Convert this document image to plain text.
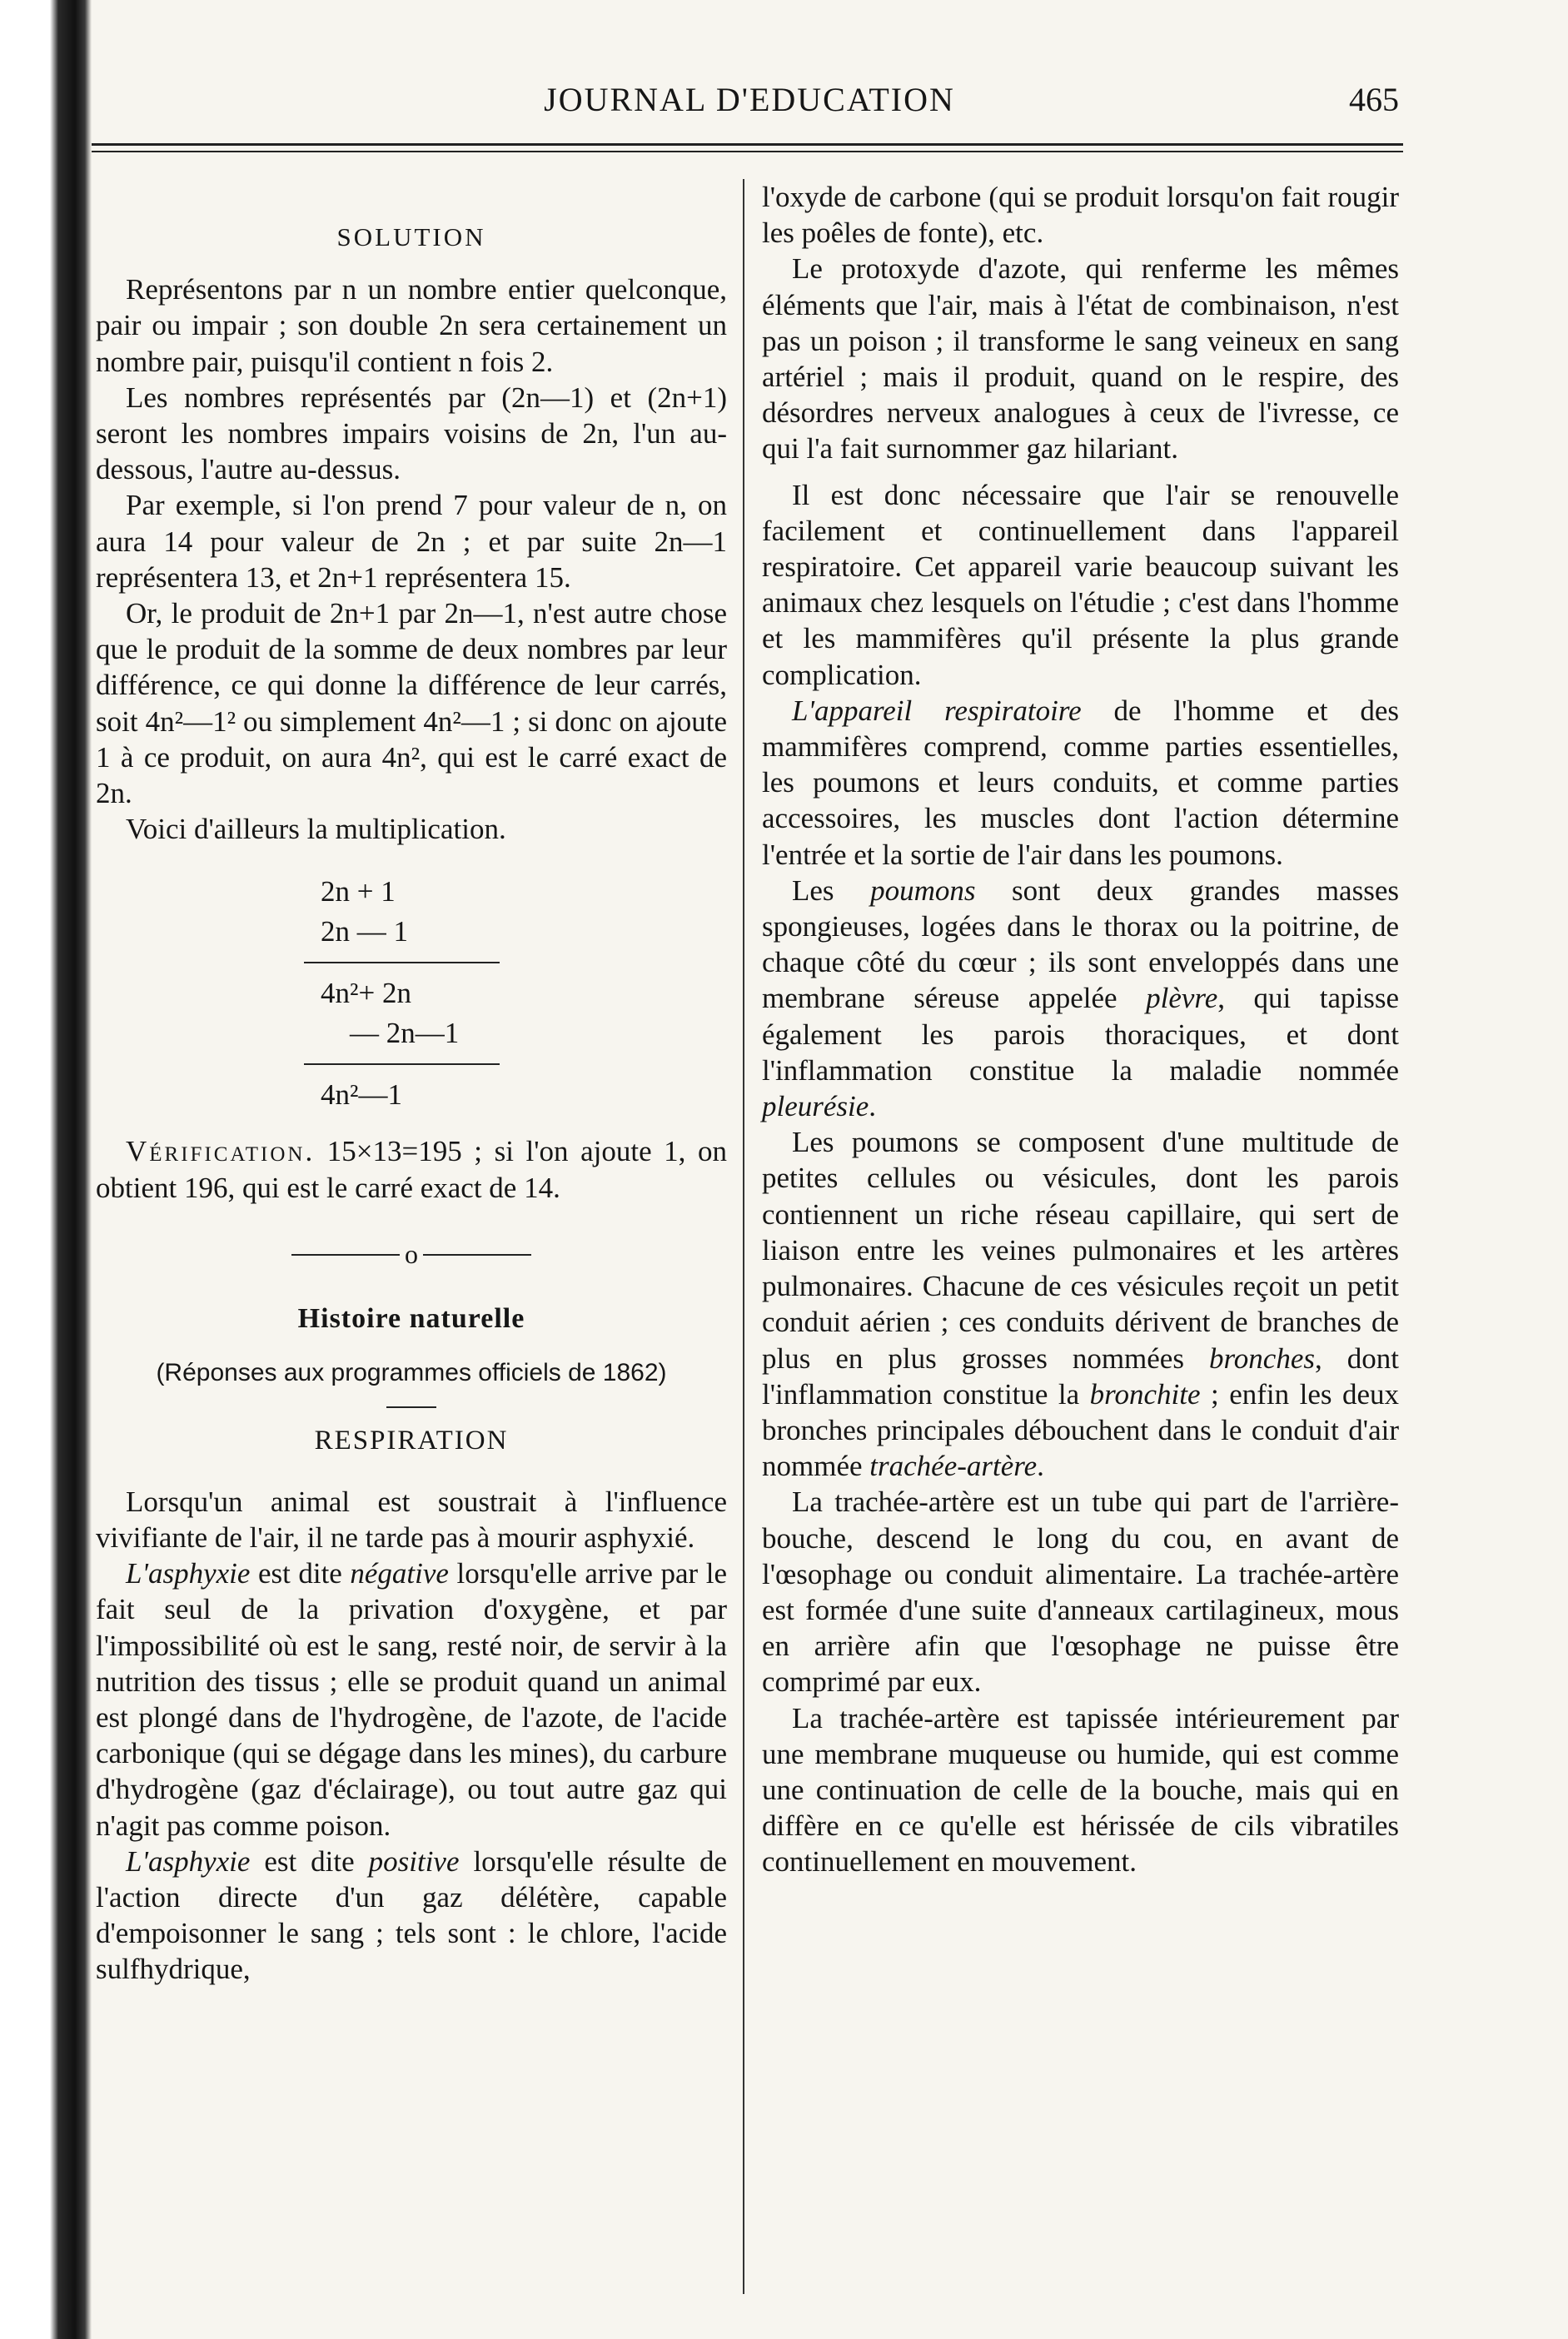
JOURNAL D'EDUCATION	465
SOLUTION

Représentons par n un nombre entier quelconque, pair ou impair ; son double 2n sera certainement un nombre pair, puisqu'il contient n fois 2.

Les nombres représentés par (2n—1) et (2n+1) seront les nombres impairs voisins de 2n, l'un au-dessous, l'autre au-dessus.

Par exemple, si l'on prend 7 pour valeur de n, on aura 14 pour valeur de 2n ; et par suite 2n—1 représentera 13, et 2n+1 représentera 15.

Or, le produit de 2n+1 par 2n—1, n'est autre chose que le produit de la somme de deux nombres par leur différence, ce qui donne la différence de leur carrés, soit 4n²—1² ou simplement 4n²—1 ; si donc on ajoute 1 à ce produit, on aura 4n², qui est le carré exact de 2n.

Voici d'ailleurs la multiplication.

2n + 1
2n — 1
4n²+ 2n
— 2n—1
4n²—1

Vérification. 15×13=195 ; si l'on ajoute 1, on obtient 196, qui est le carré exact de 14.

o
Histoire naturelle
(Réponses aux programmes officiels de 1862)
RESPIRATION

Lorsqu'un animal est soustrait à l'influence vivifiante de l'air, il ne tarde pas à mourir asphyxié.

L'asphyxie est dite négative lorsqu'elle arrive par le fait seul de la privation d'oxygène, et par l'impossibilité où est le sang, resté noir, de servir à la nutrition des tissus ; elle se produit quand un animal est plongé dans de l'hydrogène, de l'azote, de l'acide carbonique (qui se dégage dans les mines), du carbure d'hydrogène (gaz d'éclairage), ou tout autre gaz qui n'agit pas comme poison.

L'asphyxie est dite positive lorsqu'elle résulte de l'action directe d'un gaz délétère, capable d'empoisonner le sang ; tels sont : le chlore, l'acide sulfhydrique,

l'oxyde de carbone (qui se produit lorsqu'on fait rougir les poêles de fonte), etc.

Le protoxyde d'azote, qui renferme les mêmes éléments que l'air, mais à l'état de combinaison, n'est pas un poison ; il transforme le sang veineux en sang artériel ; mais il produit, quand on le respire, des désordres nerveux analogues à ceux de l'ivresse, ce qui l'a fait surnommer gaz hilariant.

Il est donc nécessaire que l'air se renouvelle facilement et continuellement dans l'appareil respiratoire. Cet appareil varie beaucoup suivant les animaux chez lesquels on l'étudie ; c'est dans l'homme et les mammifères qu'il présente la plus grande complication.

L'appareil respiratoire de l'homme et des mammifères comprend, comme parties essentielles, les poumons et leurs conduits, et comme parties accessoires, les muscles dont l'action détermine l'entrée et la sortie de l'air dans les poumons.

Les poumons sont deux grandes masses spongieuses, logées dans le thorax ou la poitrine, de chaque côté du cœur ; ils sont enveloppés dans une membrane séreuse appelée plèvre, qui tapisse également les parois thoraciques, et dont l'inflammation constitue la maladie nommée pleurésie.

Les poumons se composent d'une multitude de petites cellules ou vésicules, dont les parois contiennent un riche réseau capillaire, qui sert de liaison entre les veines pulmonaires et les artères pulmonaires. Chacune de ces vésicules reçoit un petit conduit aérien ; ces conduits dérivent de branches de plus en plus grosses nommées bronches, dont l'inflammation constitue la bronchite ; enfin les deux bronches principales débouchent dans le conduit d'air nommée trachée-artère.

La trachée-artère est un tube qui part de l'arrière-bouche, descend le long du cou, en avant de l'œsophage ou conduit alimentaire. La trachée-artère est formée d'une suite d'anneaux cartilagineux, mous en arrière afin que l'œsophage ne puisse être comprimé par eux.

La trachée-artère est tapissée intérieurement par une membrane muqueuse ou humide, qui est comme une continuation de celle de la bouche, mais qui en diffère en ce qu'elle est hérissée de cils vibratiles continuellement en mouvement.
